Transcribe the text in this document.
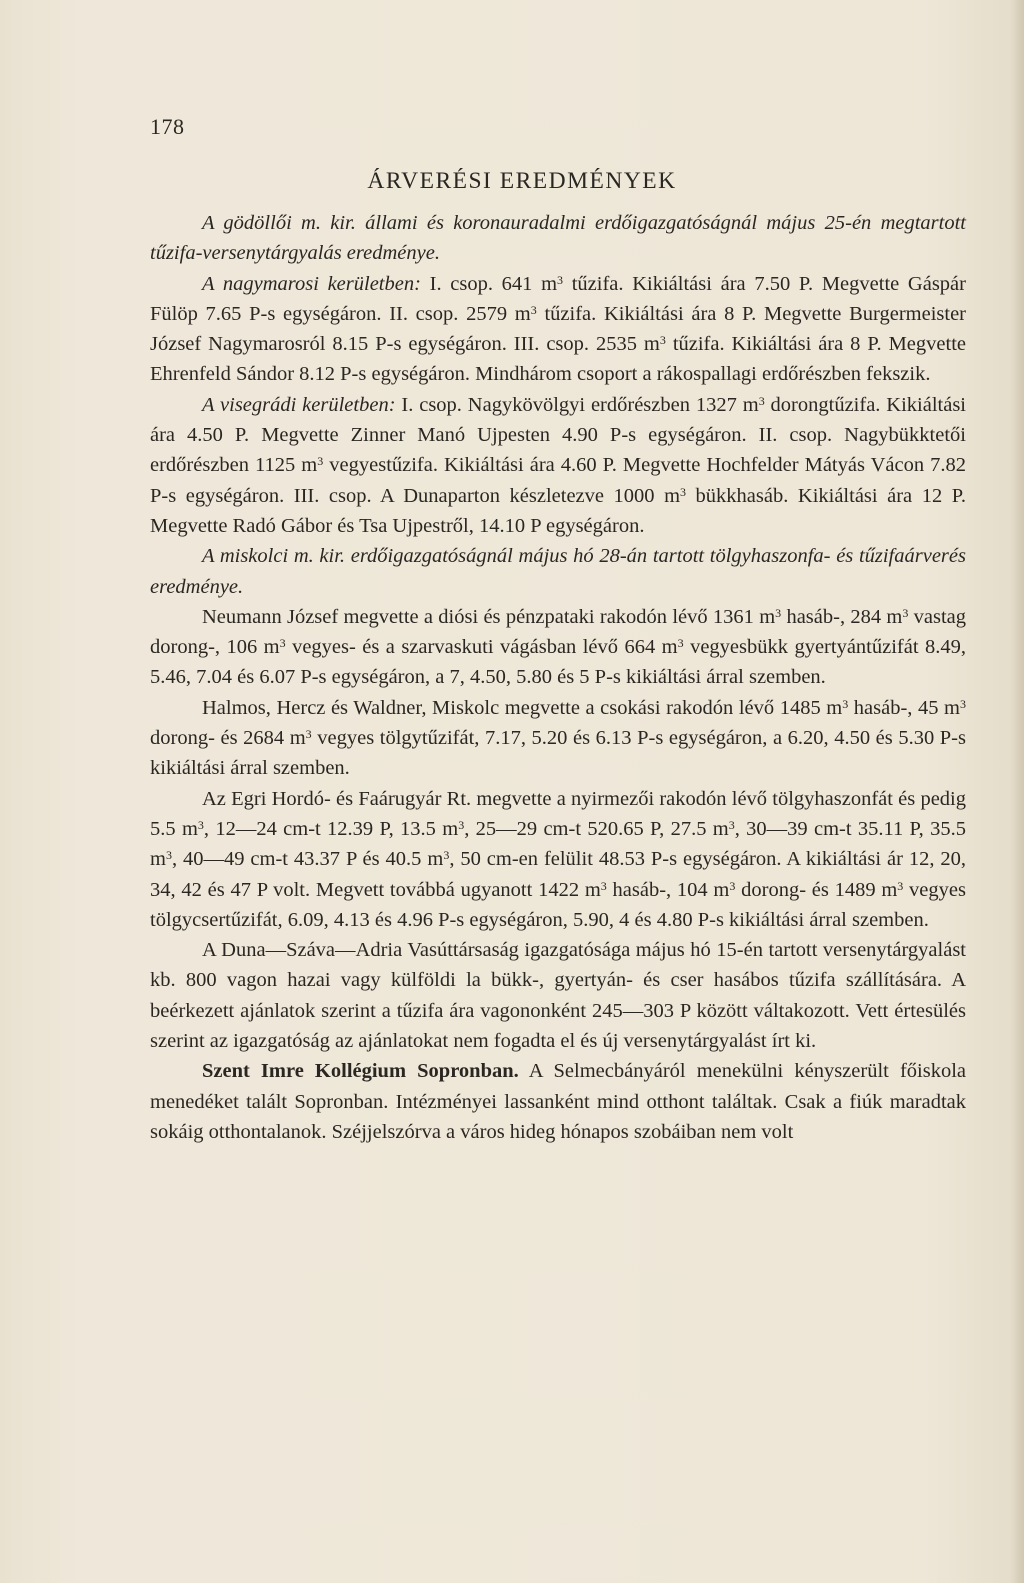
178
ÁRVERÉSI EREDMÉNYEK

A gödöllői m. kir. állami és koronauradalmi erdőigazgatóságnál május 25-én megtartott tűzifa-versenytárgyalás eredménye.

A nagymarosi kerületben: I. csop. 641 $m^3$ tűzifa. Kikiáltási ára 7.50 P. Megvette Gáspár Fülöp 7.65 P-s egységáron. II. csop. 2579 $m^3$ tűzifa. Kikiáltási ára 8 P. Megvette Burgermeister József Nagymarosról 8.15 P-s egységáron. III. csop. 2535 $m^3$ tűzifa. Kikiáltási ára 8 P. Megvette Ehrenfeld Sándor 8.12 P-s egységáron. Mindhárom csoport a rákospallagi erdőrészben fekszik.

A visegrádi kerületben: I. csop. Nagykövölgyi erdőrészben 1327 $m^3$ dorongtűzifa. Kikiáltási ára 4.50 P. Megvette Zinner Manó Ujpesten 4.90 P-s egységáron. II. csop. Nagybükktetői erdőrészben 1125 $m^3$ vegyestűzifa. Kikiáltási ára 4.60 P. Megvette Hochfelder Mátyás Vácon 7.82 P-s egységáron. III. csop. A Dunaparton készletezve 1000 $m^3$ bükkhasáb. Kikiáltási ára 12 P. Megvette Radó Gábor és Tsa Ujpestről, 14.10 P egységáron.

A miskolci m. kir. erdőigazgatóságnál május hó 28-án tartott tölgyhaszonfa- és tűzifaárverés eredménye.

Neumann József megvette a diósi és pénzpataki rakodón lévő 1361 $m^3$ hasáb-, 284 $m^3$ vastag dorong-, 106 $m^3$ vegyes- és a szarvaskuti vágásban lévő 664 $m^3$ vegyesbükk gyertyántűzifát 8.49, 5.46, 7.04 és 6.07 P-s egységáron, a 7, 4.50, 5.80 és 5 P-s kikiáltási árral szemben.

Halmos, Hercz és Waldner, Miskolc megvette a csokási rakodón lévő 1485 $m^3$ hasáb-, 45 $m^3$ dorong- és 2684 $m^3$ vegyes tölgytűzifát, 7.17, 5.20 és 6.13 P-s egységáron, a 6.20, 4.50 és 5.30 P-s kikiáltási árral szemben.

Az Egri Hordó- és Faárugyár Rt. megvette a nyirmezői rakodón lévő tölgyhaszonfát és pedig 5.5 $m^3$, 12—24 cm-t 12.39 P, 13.5 $m^3$, 25—29 cm-t 520.65 P, 27.5 $m^3$, 30—39 cm-t 35.11 P, 35.5 $m^3$, 40—49 cm-t 43.37 P és 40.5 $m^3$, 50 cm-en felülit 48.53 P-s egységáron. A kikiáltási ár 12, 20, 34, 42 és 47 P volt. Megvett továbbá ugyanott 1422 $m^3$ hasáb-, 104 $m^3$ dorong- és 1489 $m^3$ vegyes tölgycsertűzifát, 6.09, 4.13 és 4.96 P-s egységáron, 5.90, 4 és 4.80 P-s kikiáltási árral szemben.

A Duna—Száva—Adria Vasúttársaság igazgatósága május hó 15-én tartott versenytárgyalást kb. 800 vagon hazai vagy külföldi la bükk-, gyertyán- és cser hasábos tűzifa szállítására. A beérkezett ajánlatok szerint a tűzifa ára vagononként 245—303 P között váltakozott. Vett értesülés szerint az igazgatóság az ajánlatokat nem fogadta el és új versenytárgyalást írt ki.

Szent Imre Kollégium Sopronban. A Selmecbányáról menekülni kényszerült főiskola menedéket talált Sopronban. Intézményei lassanként mind otthont találtak. Csak a fiúk maradtak sokáig otthontalanok. Széjjelszórva a város hideg hónapos szobáiban nem volt
